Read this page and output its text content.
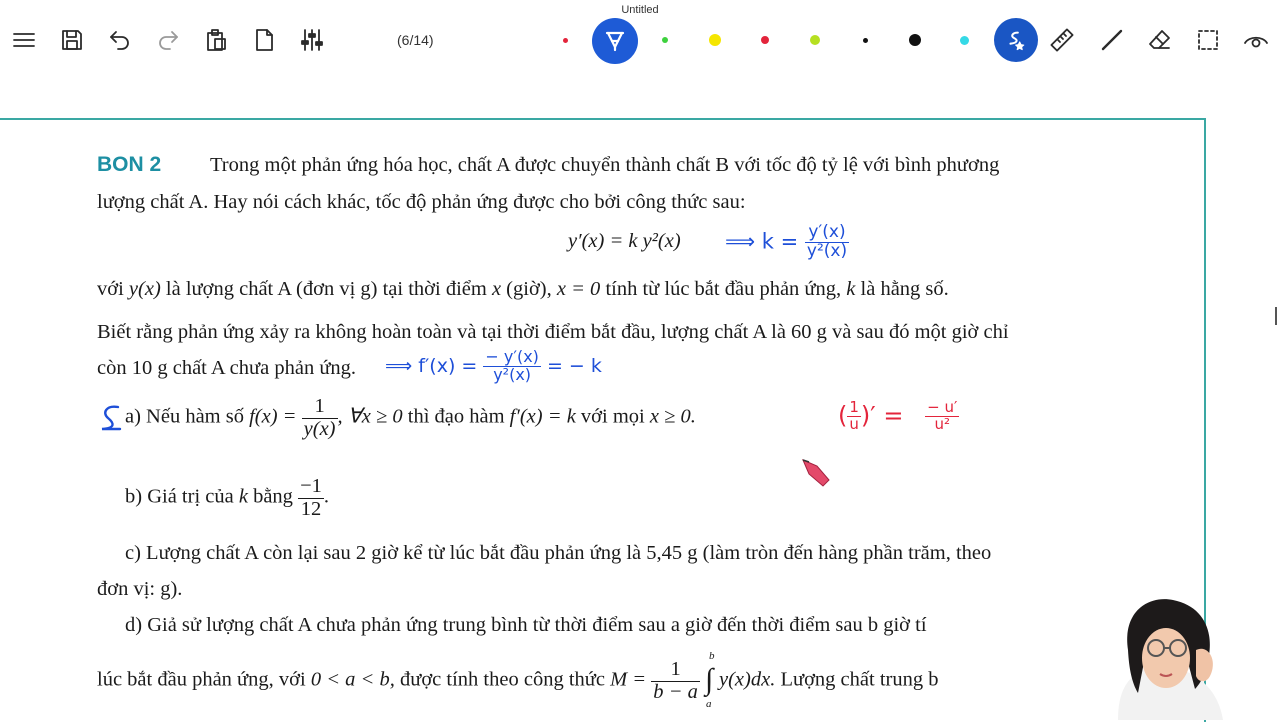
Untitled
(6/14)
BON 2 Trong một phản ứng hóa học, chất A được chuyển thành chất B với tốc độ tỷ lệ với bình phương
lượng chất A. Hay nói cách khác, tốc độ phản ứng được cho bởi công thức sau:
y′(x) = k y²(x) ⟹ $k = \frac{y'(x)}{\text{y²(x)}}$
với y(x) là lượng chất A (đơn vị g) tại thời điểm x (giờ), x = 0 tính từ lúc bắt đầu phản ứng, k là hằng số.
Biết rằng phản ứng xảy ra không hoàn toàn và tại thời điểm bắt đầu, lượng chất A là 60 g và sau đó một giờ chỉ
còn 10 g chất A chưa phản ứng. ⟹ $f'(x) = \frac{- y'(x)}{\text{y²(x)}}$ = − k
a) Nếu hàm số $f(x) = \frac{1}{y(x)}$ , ∀x ≥ 0 thì đạo hàm f′(x) = k với mọi x ≥ 0.	( $\frac{1}{u}$ )′ = $\frac{- u'}{\text{u²}}$
b) Giá trị của k bằng $\frac{-1}{12}$ .
c) Lượng chất A còn lại sau 2 giờ kể từ lúc bắt đầu phản ứng là 5,45 g (làm tròn đến hàng phần trăm, theo
đơn vị: g).
d) Giả sử lượng chất A chưa phản ứng trung bình từ thời điểm sau a giờ đến thời điểm sau b giờ tí
lúc bắt đầu phản ứng, với 0 < a < b, được tính theo công thức $M = \frac{1}{b - a}$

b
∫
a
y(x)dx. Lượng chất trung b
